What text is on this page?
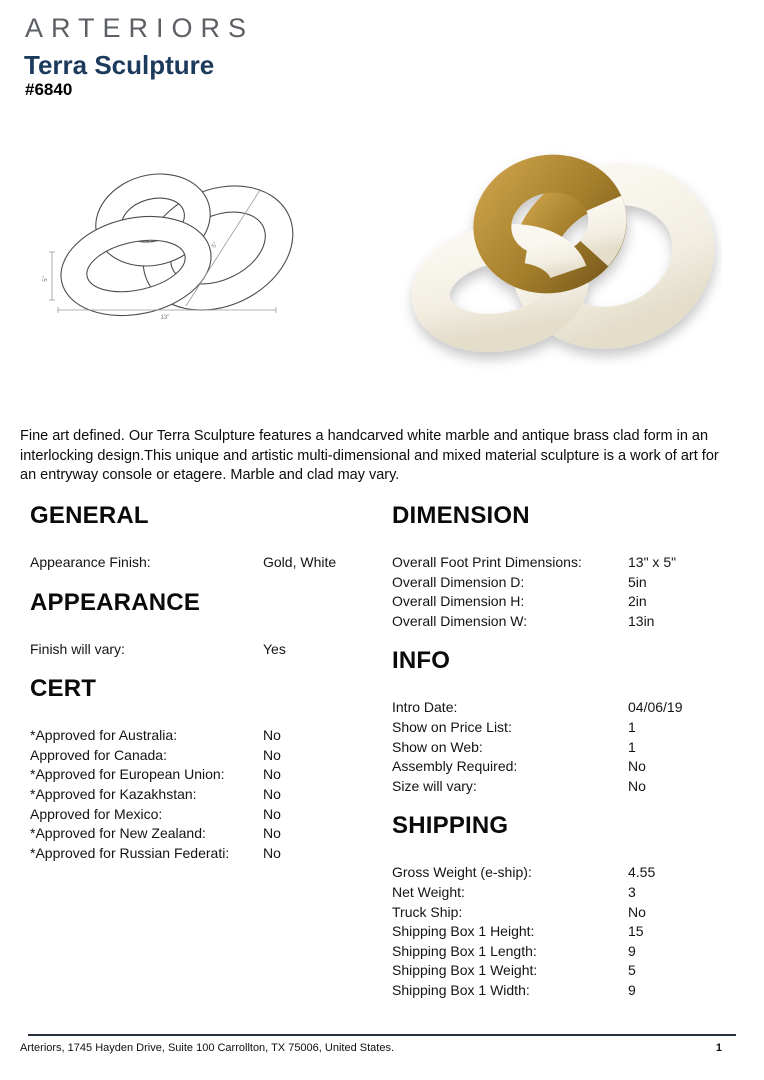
ARTERIORS
Terra Sculpture
#6840
5"
13"
5"
Fine art defined. Our Terra Sculpture features a handcarved white marble and antique brass clad form in an interlocking design.This unique and artistic multi-dimensional and mixed material sculpture is a work of art for an entryway console or etagere. Marble and clad may vary.
GENERAL
Appearance Finish:	Gold, White
APPEARANCE
Finish will vary:	Yes
CERT
*Approved for Australia:	No
Approved for Canada:	No
*Approved for European Union:	No
*Approved for Kazakhstan:	No
Approved for Mexico:	No
*Approved for New Zealand:	No
*Approved for Russian Federati:	No
DIMENSION
Overall Foot Print Dimensions:	13" x 5"
Overall Dimension D:	5in
Overall Dimension H:	2in
Overall Dimension W:	13in
INFO
Intro Date:	04/06/19
Show on Price List:	1
Show on Web:	1
Assembly Required:	No
Size will vary:	No
SHIPPING
Gross Weight (e-ship):	4.55
Net Weight:	3
Truck Ship:	No
Shipping Box 1 Height:	15
Shipping Box 1 Length:	9
Shipping Box 1 Weight:	5
Shipping Box 1 Width:	9
Arteriors, 1745 Hayden Drive, Suite 100 Carrollton, TX 75006, United States.	1
